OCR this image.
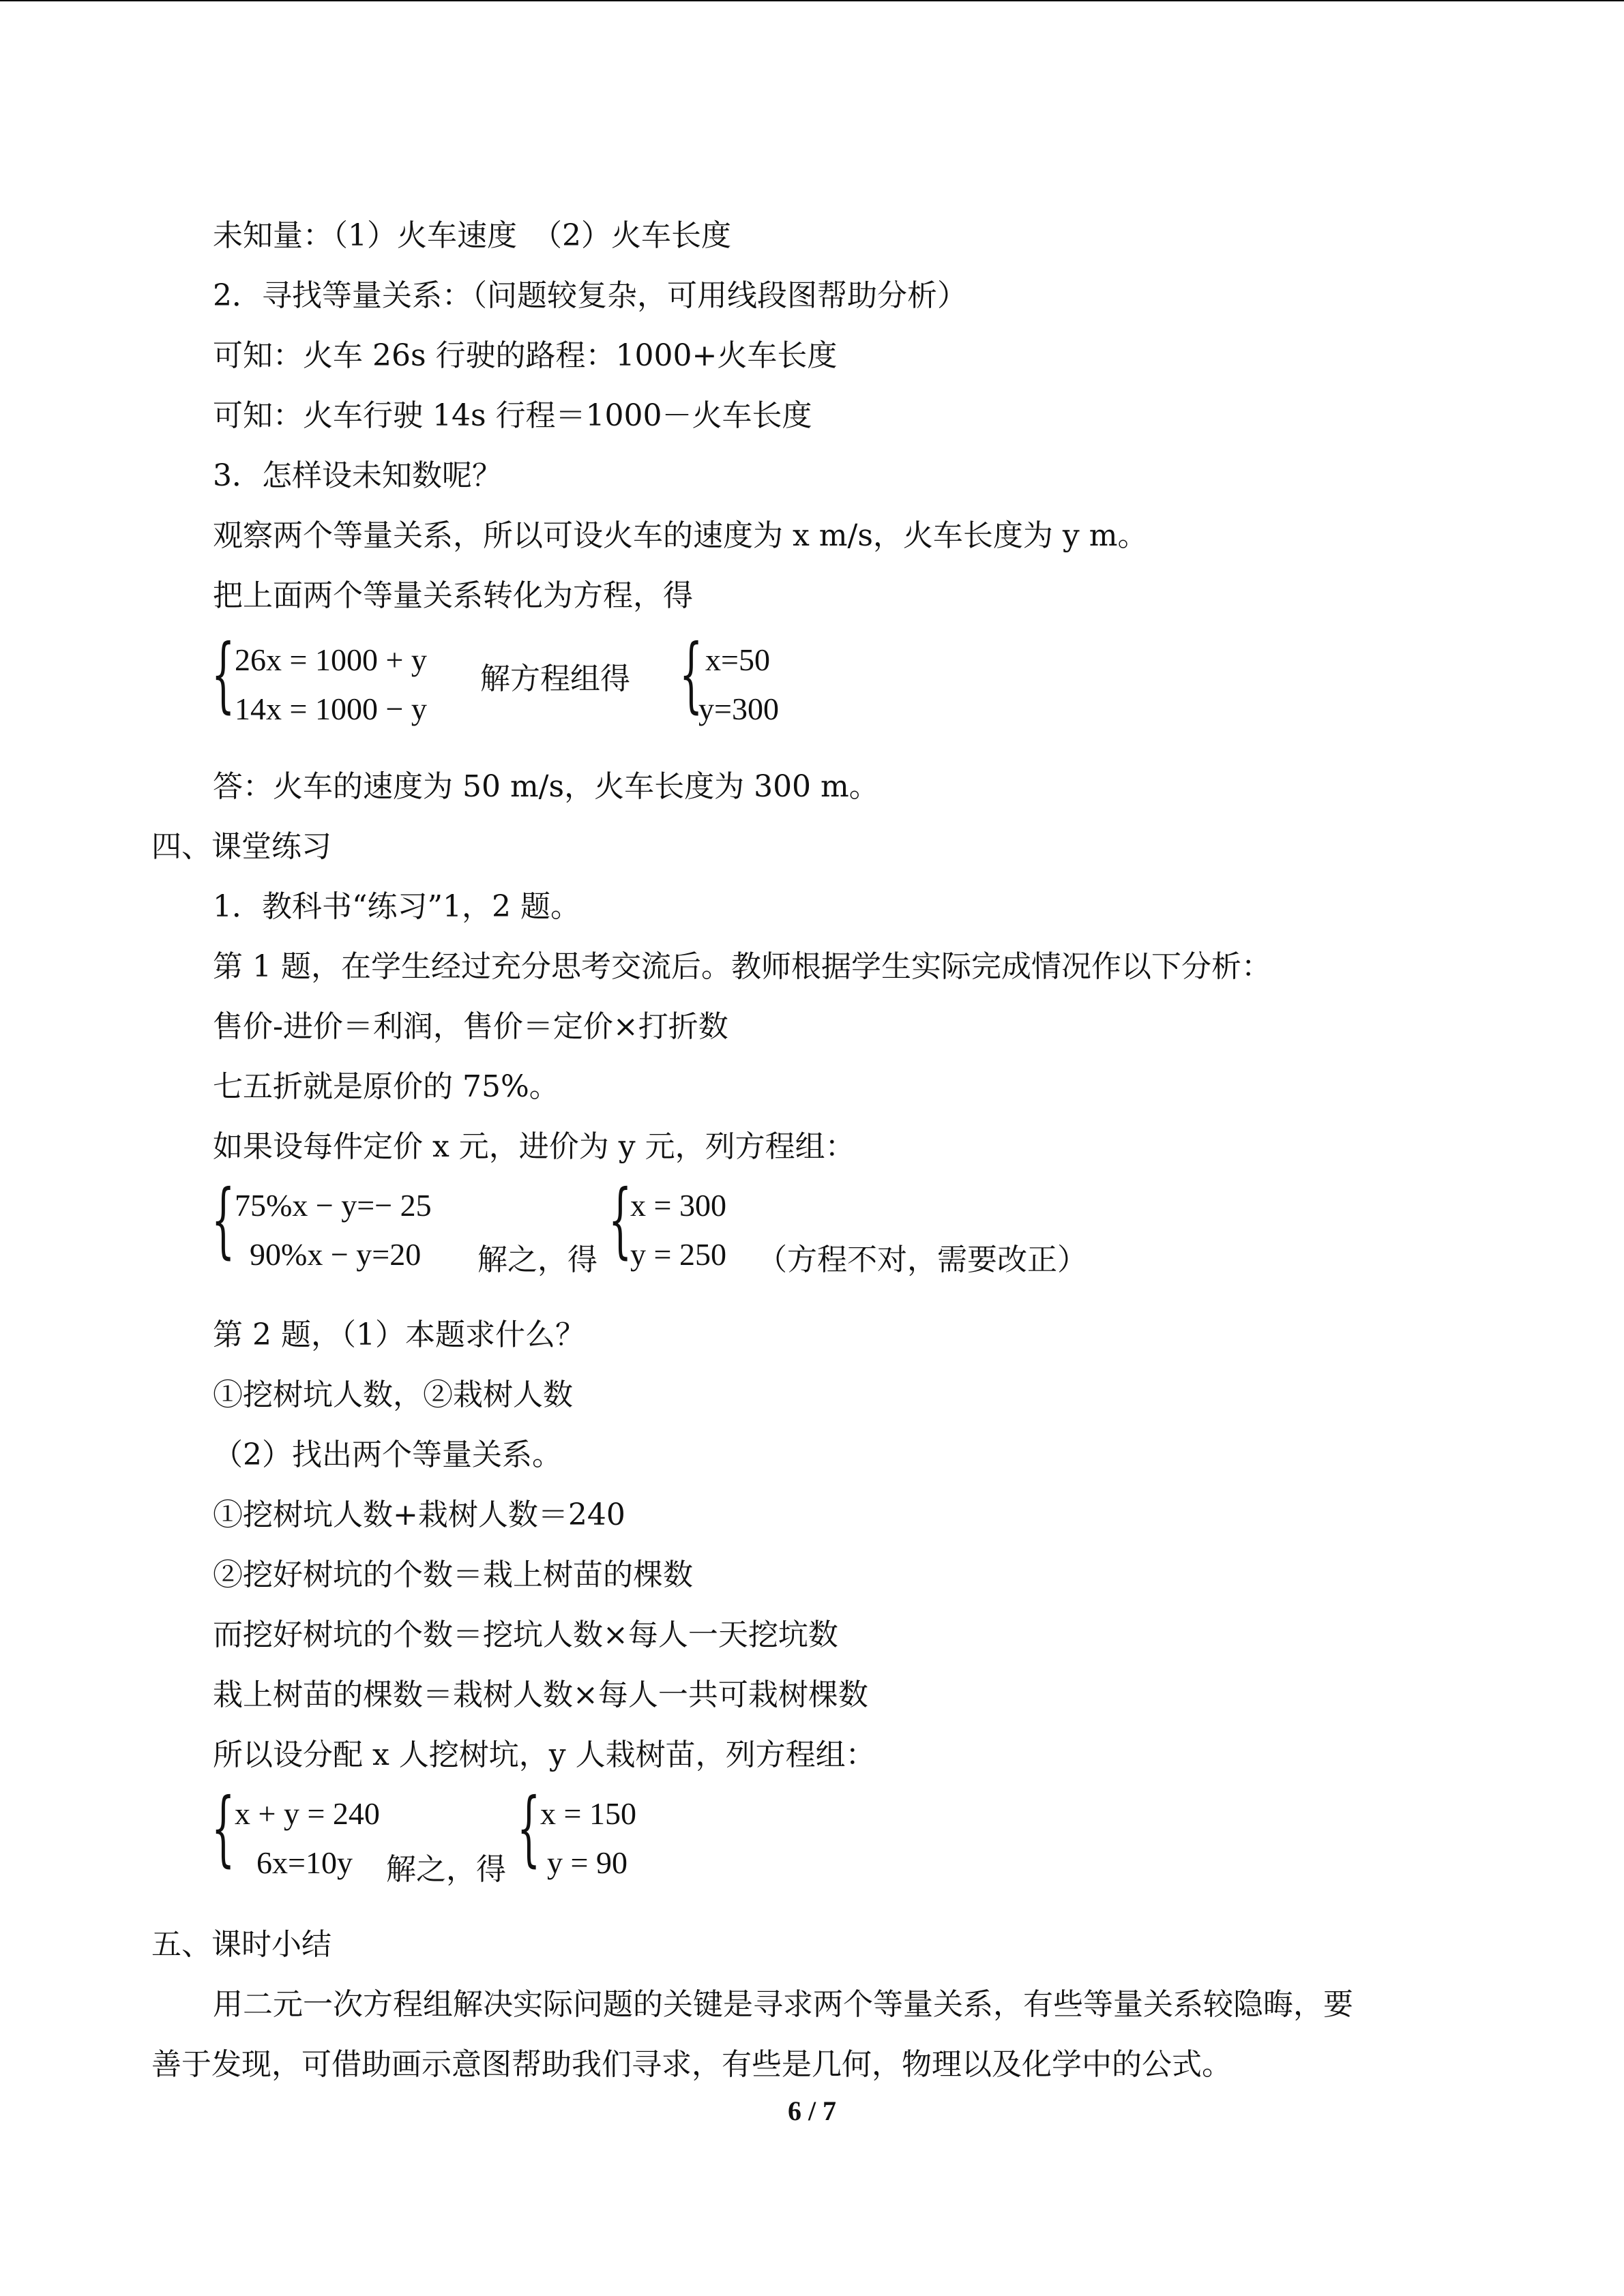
未知量：（1）火车速度　（2）火车长度
2．寻找等量关系：（问题较复杂，可用线段图帮助分析）
可知：火车 26s 行驶的路程：1000+火车长度
可知：火车行驶 14s 行程＝1000－火车长度
3．怎样设未知数呢？
观察两个等量关系，所以可设火车的速度为 x m/s，火车长度为 y m。
把上面两个等量关系转化为方程，得
{ 26x = 1000 + y
14x = 1000 − y
解方程组得 { x=50
y=300
答：火车的速度为 50 m/s，火车长度为 300 m。
四、课堂练习
1．教科书“练习”1，2 题。
第 1 题，在学生经过充分思考交流后。教师根据学生实际完成情况作以下分析：
售价-进价＝利润，售价＝定价×打折数
七五折就是原价的 75%。
如果设每件定价 x 元，进价为 y 元，列方程组：
{ 75%x − y=− 25
90%x − y=20 解之，得 {
x = 300
y = 250 （方程不对，需要改正）
第 2 题，（1）本题求什么？
①挖树坑人数，②栽树人数
（2）找出两个等量关系。
①挖树坑人数+栽树人数＝240
②挖好树坑的个数＝栽上树苗的棵数
而挖好树坑的个数＝挖坑人数×每人一天挖坑数
栽上树苗的棵数＝栽树人数×每人一共可栽树棵数
所以设分配 x 人挖树坑，y 人栽树苗，列方程组：
{ x + y = 240
6x=10y 解之，得 { x = 150
y = 90
五、课时小结
用二元一次方程组解决实际问题的关键是寻求两个等量关系，有些等量关系较隐晦，要
善于发现，可借助画示意图帮助我们寻求，有些是几何，物理以及化学中的公式。
6 / 7
